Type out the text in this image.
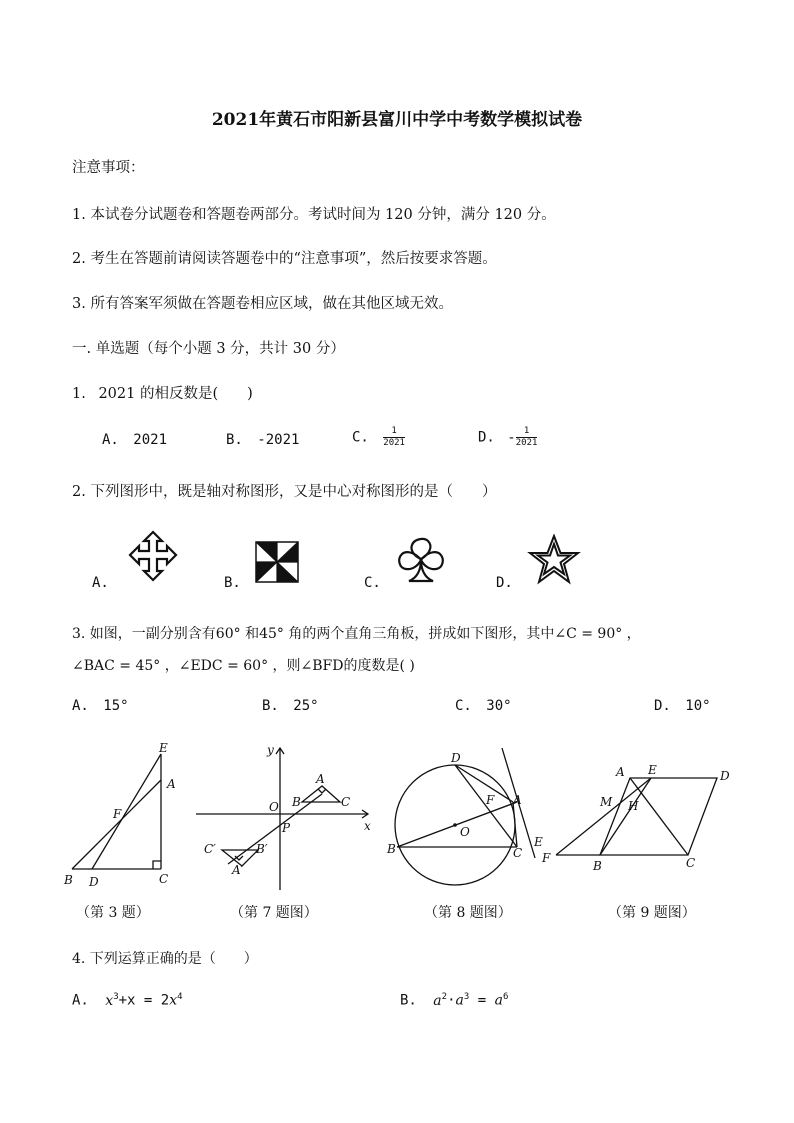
2021年黄石市阳新县富川中学中考数学模拟试卷
注意事项：
1. 本试卷分试题卷和答题卷两部分。考试时间为 120 分钟，满分 120 分。
2. 考生在答题前请阅读答题卷中的“注意事项”，然后按要求答题。
3. 所有答案军须做在答题卷相应区域，做在其他区域无效。
一. 单选题（每个小题 3 分，共计 30 分）
1. 2021 的相反数是(　　)
A. 2021	B. -2021	C. $\frac{1}{2021}$	D. - $\frac{1}{2021}$
2. 下列图形中，既是轴对称图形，又是中心对称图形的是（　　）
A.	B.	C.	D.
3. 如图，一副分别含有60° 和45° 角的两个直角三角板，拼成如下图形，其中∠C = 90° ，
∠BAC = 45° ，∠EDC = 60° ，则∠BFD的度数是( )
A. 15°	B. 25°	C. 30°	D. 10°
E
A
F
B D	C
（第 3 题）
y
A
O B	C
P	x
C′	B′
A′
（第 7 题图）
D
F A
O
B	E
C
（第 8 题图）
A E	D
M H
F
B	C
（第 9 题图）
4. 下列运算正确的是（　　）
A. $x^3+x = 2x^4$	B. $a^2\cdot a^3 = a^6$
